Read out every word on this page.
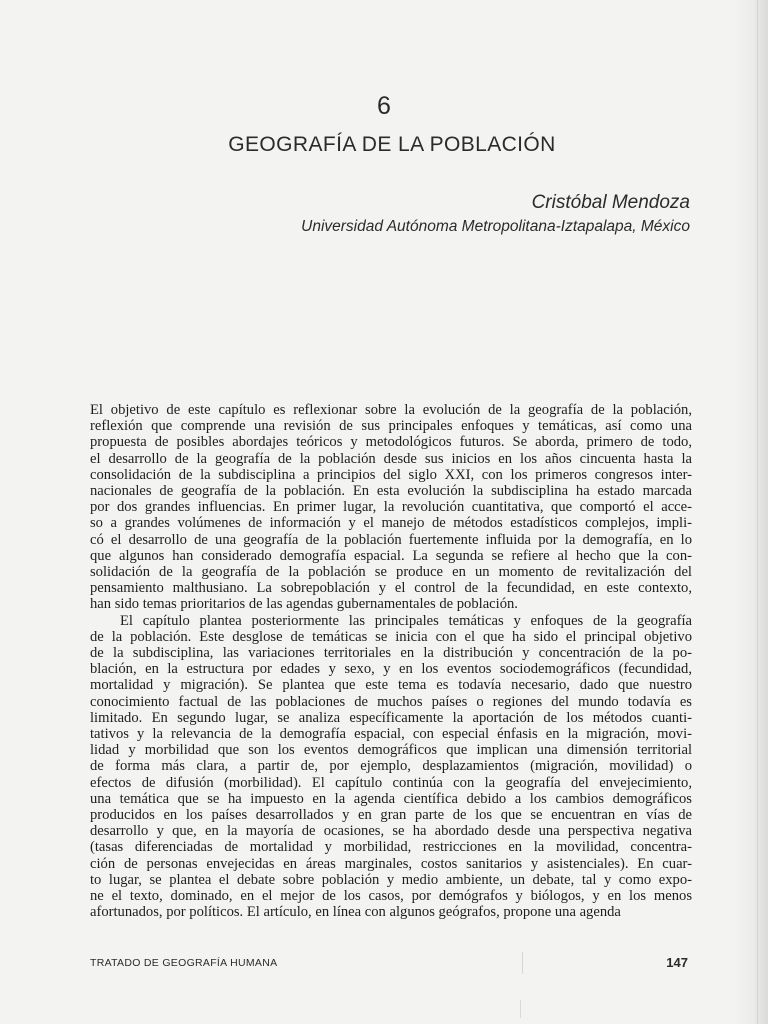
6
GEOGRAFÍA DE LA POBLACIÓN
Cristóbal Mendoza
Universidad Autónoma Metropolitana-Iztapalapa, México
El objetivo de este capítulo es reflexionar sobre la evolución de la geografía de la población,
reflexión que comprende una revisión de sus principales enfoques y temáticas, así como una
propuesta de posibles abordajes teóricos y metodológicos futuros. Se aborda, primero de todo,
el desarrollo de la geografía de la población desde sus inicios en los años cincuenta hasta la
consolidación de la subdisciplina a principios del siglo XXI, con los primeros congresos inter-
nacionales de geografía de la población. En esta evolución la subdisciplina ha estado marcada
por dos grandes influencias. En primer lugar, la revolución cuantitativa, que comportó el acce-
so a grandes volúmenes de información y el manejo de métodos estadísticos complejos, impli-
có el desarrollo de una geografía de la población fuertemente influida por la demografía, en lo
que algunos han considerado demografía espacial. La segunda se refiere al hecho que la con-
solidación de la geografía de la población se produce en un momento de revitalización del
pensamiento malthusiano. La sobrepoblación y el control de la fecundidad, en este contexto,
han sido temas prioritarios de las agendas gubernamentales de población.
El capítulo plantea posteriormente las principales temáticas y enfoques de la geografía
de la población. Este desglose de temáticas se inicia con el que ha sido el principal objetivo
de la subdisciplina, las variaciones territoriales en la distribución y concentración de la po-
blación, en la estructura por edades y sexo, y en los eventos sociodemográficos (fecundidad,
mortalidad y migración). Se plantea que este tema es todavía necesario, dado que nuestro
conocimiento factual de las poblaciones de muchos países o regiones del mundo todavía es
limitado. En segundo lugar, se analiza específicamente la aportación de los métodos cuanti-
tativos y la relevancia de la demografía espacial, con especial énfasis en la migración, movi-
lidad y morbilidad que son los eventos demográficos que implican una dimensión territorial
de forma más clara, a partir de, por ejemplo, desplazamientos (migración, movilidad) o
efectos de difusión (morbilidad). El capítulo continúa con la geografía del envejecimiento,
una temática que se ha impuesto en la agenda científica debido a los cambios demográficos
producidos en los países desarrollados y en gran parte de los que se encuentran en vías de
desarrollo y que, en la mayoría de ocasiones, se ha abordado desde una perspectiva negativa
(tasas diferenciadas de mortalidad y morbilidad, restricciones en la movilidad, concentra-
ción de personas envejecidas en áreas marginales, costos sanitarios y asistenciales). En cuar-
to lugar, se plantea el debate sobre población y medio ambiente, un debate, tal y como expo-
ne el texto, dominado, en el mejor de los casos, por demógrafos y biólogos, y en los menos
afortunados, por políticos. El artículo, en línea con algunos geógrafos, propone una agenda
TRATADO DE GEOGRAFÍA HUMANA	147
